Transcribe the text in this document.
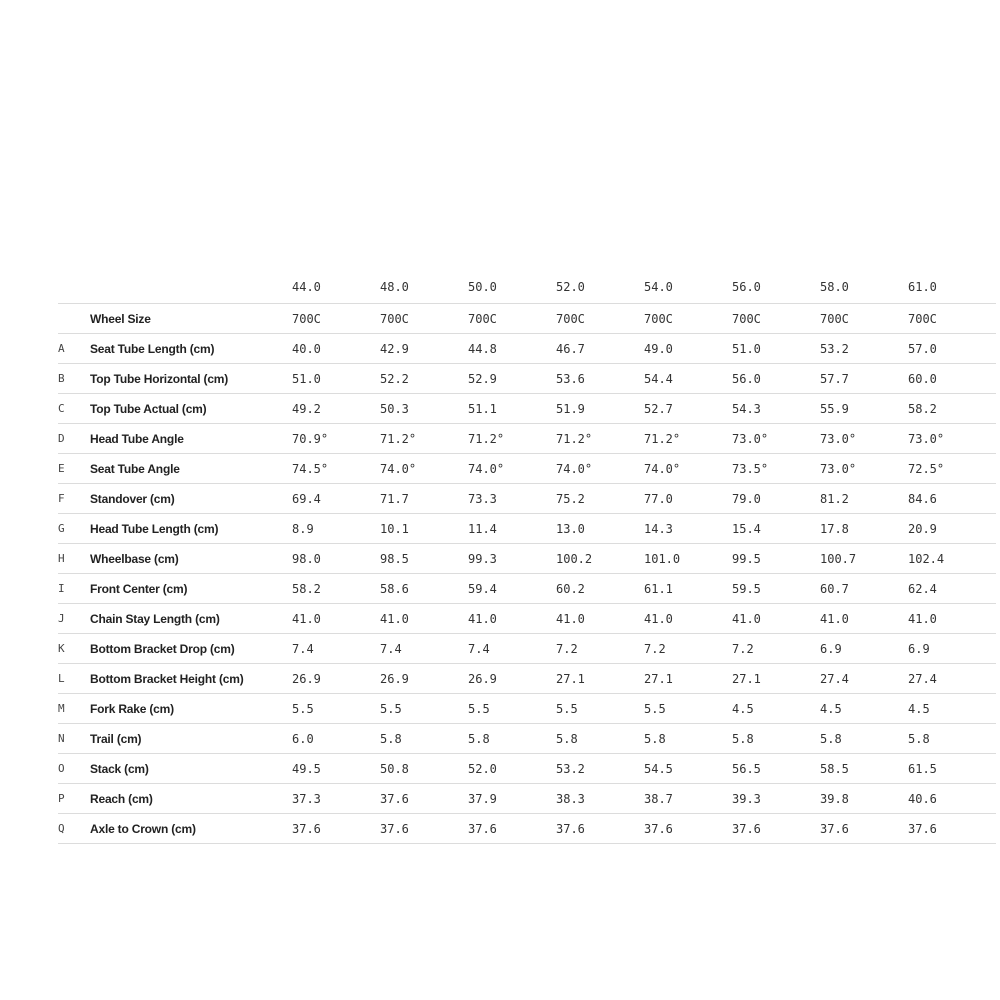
		44.0	48.0	50.0	52.0	54.0	56.0	58.0	61.0
	Wheel Size	700C	700C	700C	700C	700C	700C	700C	700C
A	Seat Tube Length (cm)	40.0	42.9	44.8	46.7	49.0	51.0	53.2	57.0
B	Top Tube Horizontal (cm)	51.0	52.2	52.9	53.6	54.4	56.0	57.7	60.0
C	Top Tube Actual (cm)	49.2	50.3	51.1	51.9	52.7	54.3	55.9	58.2
D	Head Tube Angle	70.9°	71.2°	71.2°	71.2°	71.2°	73.0°	73.0°	73.0°
E	Seat Tube Angle	74.5°	74.0°	74.0°	74.0°	74.0°	73.5°	73.0°	72.5°
F	Standover (cm)	69.4	71.7	73.3	75.2	77.0	79.0	81.2	84.6
G	Head Tube Length (cm)	8.9	10.1	11.4	13.0	14.3	15.4	17.8	20.9
H	Wheelbase (cm)	98.0	98.5	99.3	100.2	101.0	99.5	100.7	102.4
I	Front Center (cm)	58.2	58.6	59.4	60.2	61.1	59.5	60.7	62.4
J	Chain Stay Length (cm)	41.0	41.0	41.0	41.0	41.0	41.0	41.0	41.0
K	Bottom Bracket Drop (cm)	7.4	7.4	7.4	7.2	7.2	7.2	6.9	6.9
L	Bottom Bracket Height (cm)	26.9	26.9	26.9	27.1	27.1	27.1	27.4	27.4
M	Fork Rake (cm)	5.5	5.5	5.5	5.5	5.5	4.5	4.5	4.5
N	Trail (cm)	6.0	5.8	5.8	5.8	5.8	5.8	5.8	5.8
O	Stack (cm)	49.5	50.8	52.0	53.2	54.5	56.5	58.5	61.5
P	Reach (cm)	37.3	37.6	37.9	38.3	38.7	39.3	39.8	40.6
Q	Axle to Crown (cm)	37.6	37.6	37.6	37.6	37.6	37.6	37.6	37.6
